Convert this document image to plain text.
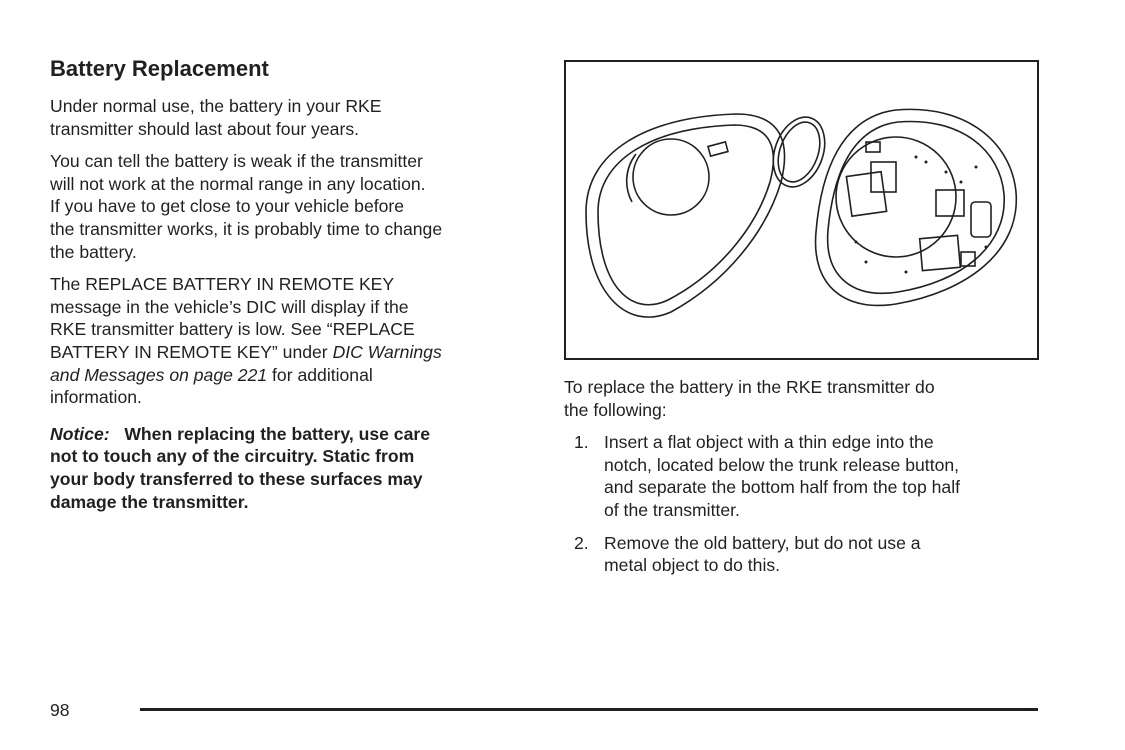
Battery Replacement
Under normal use, the battery in your RKE
transmitter should last about four years.
You can tell the battery is weak if the transmitter
will not work at the normal range in any location.
If you have to get close to your vehicle before
the transmitter works, it is probably time to change
the battery.
The REPLACE BATTERY IN REMOTE KEY
message in the vehicle’s DIC will display if the
RKE transmitter battery is low. See “REPLACE
BATTERY IN REMOTE KEY” under DIC Warnings
and Messages on page 221 for additional
information.
Notice: When replacing the battery, use care
not to touch any of the circuitry. Static from
your body transferred to these surfaces may
damage the transmitter.
To replace the battery in the RKE transmitter do
the following:
1. Insert a flat object with a thin edge into the
notch, located below the trunk release button,
and separate the bottom half from the top half
of the transmitter.
2. Remove the old battery, but do not use a
metal object to do this.
98
